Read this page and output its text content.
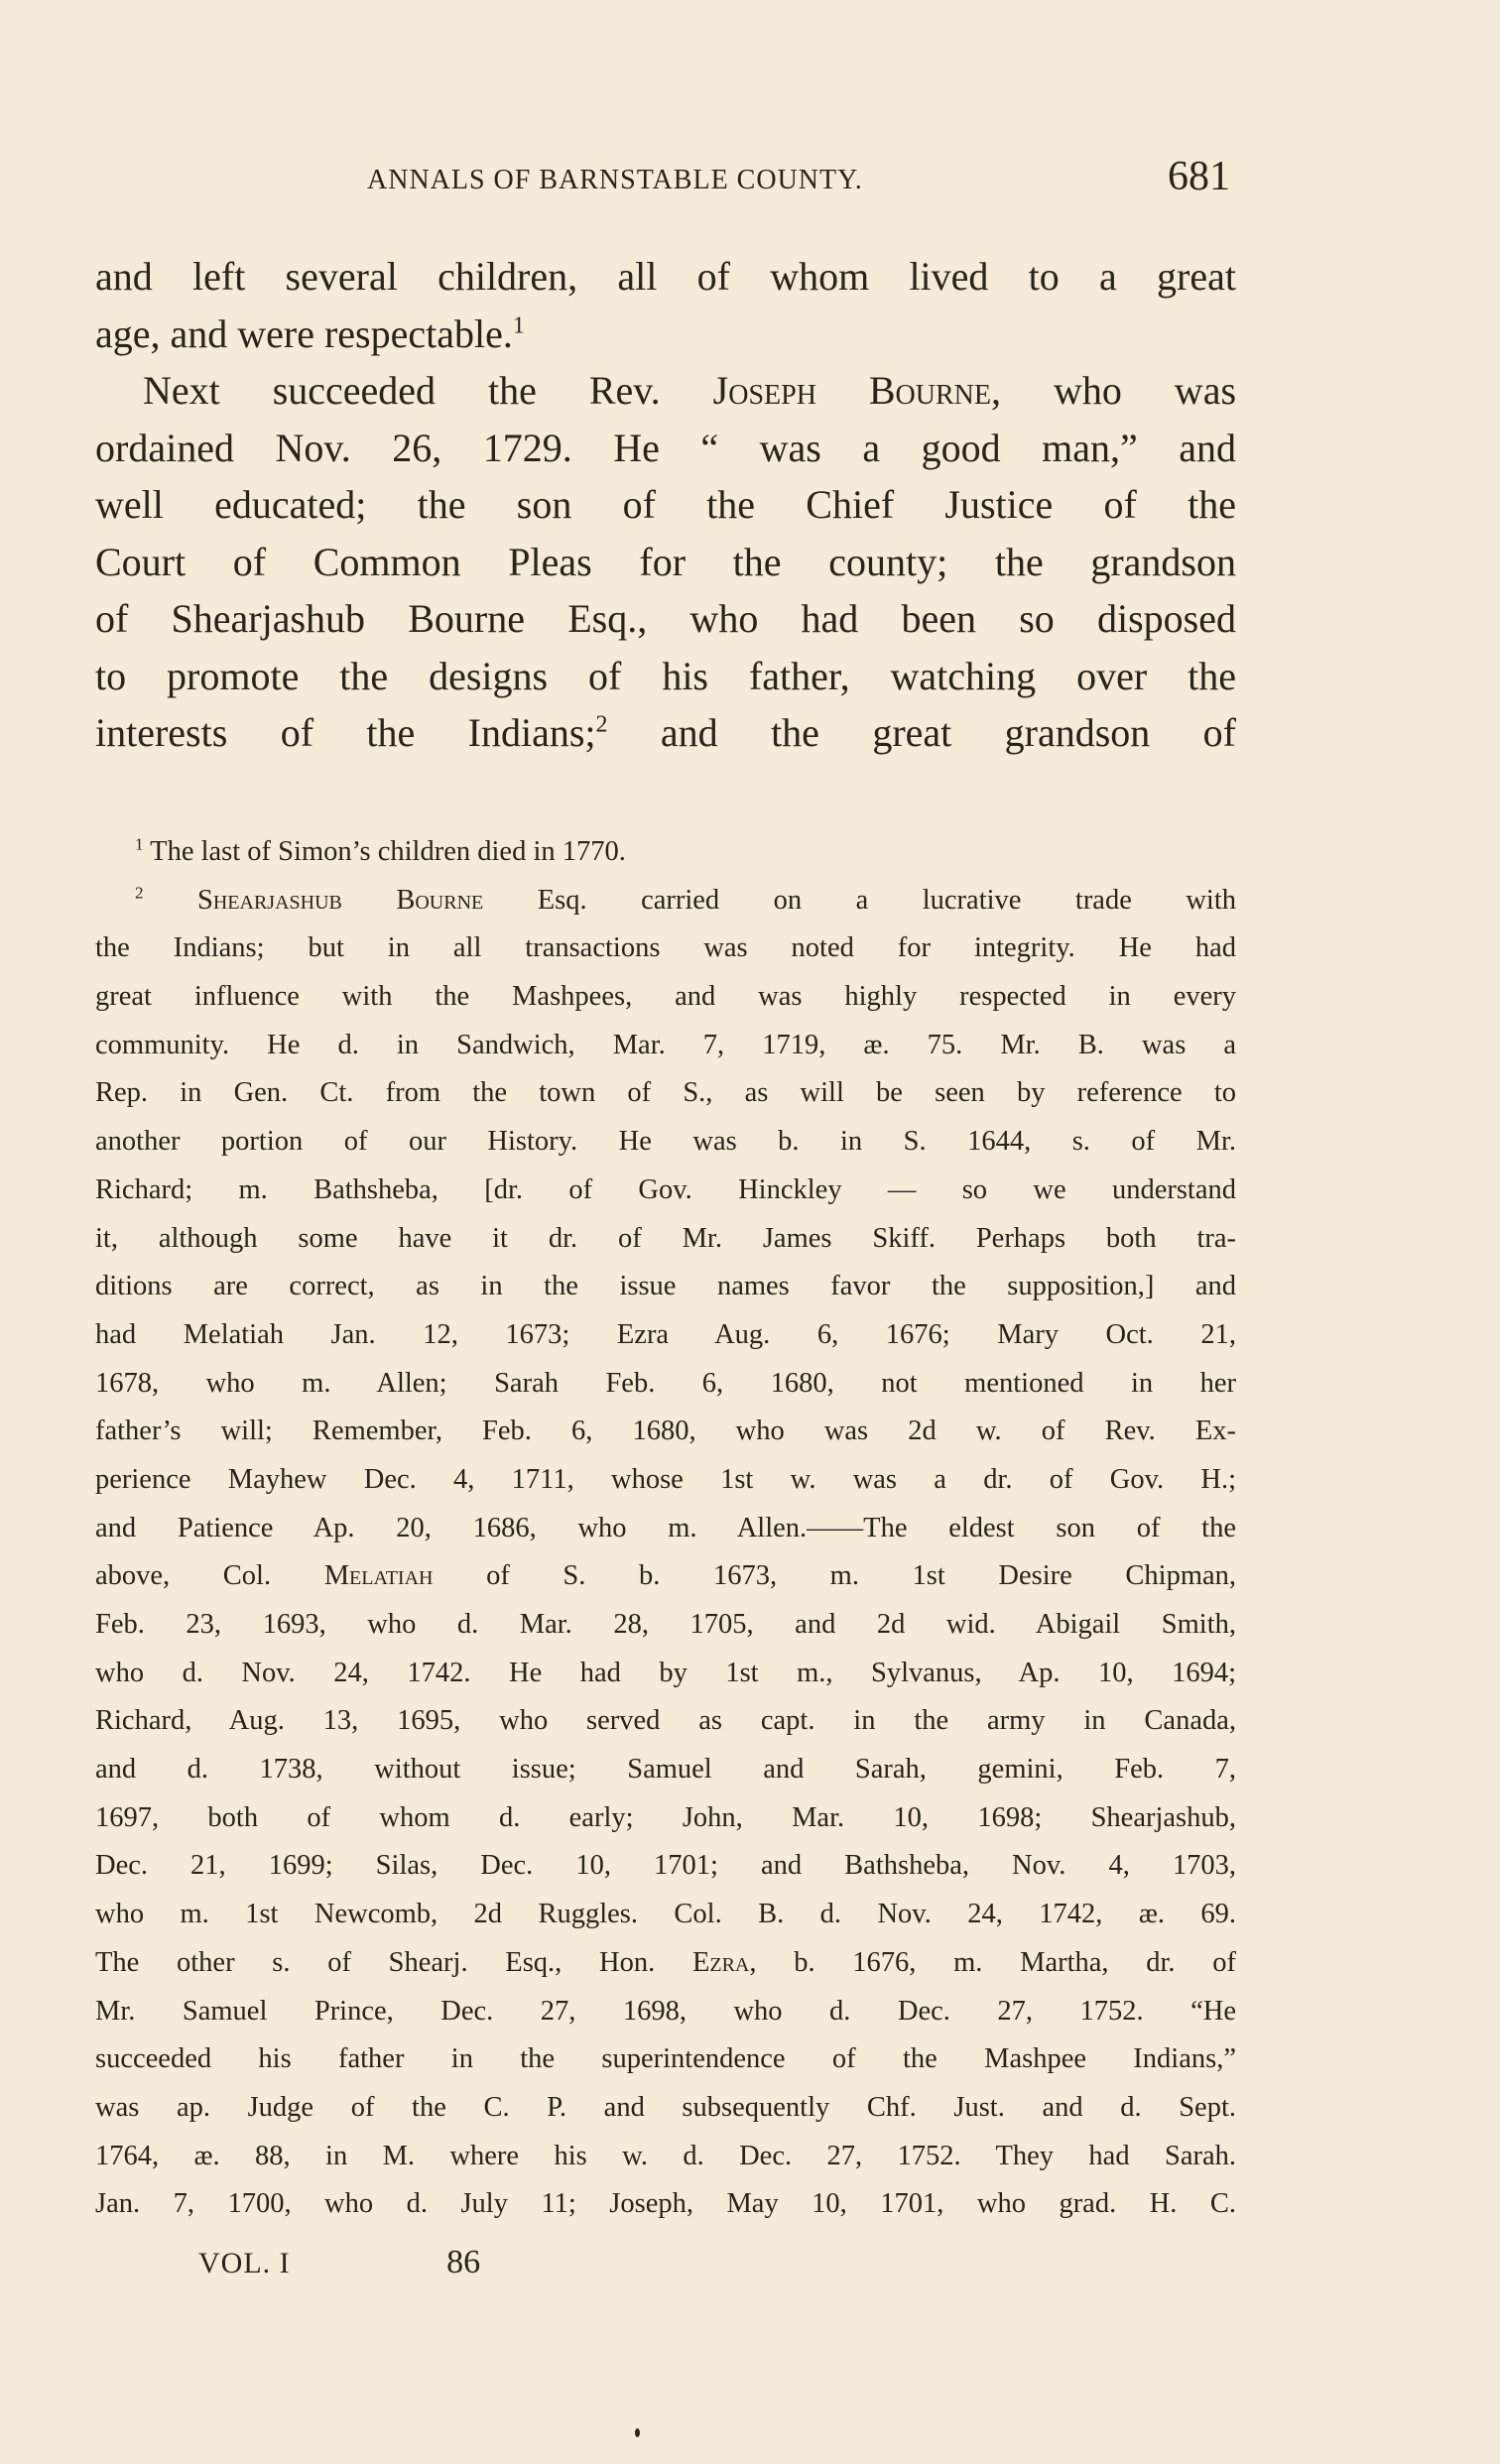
ANNALS OF BARNSTABLE COUNTY.	681
and left several children, all of whom lived to a great
age, and were respectable.$^1$
Next succeeded the Rev. Joseph Bourne, who was
ordained Nov. 26, 1729. He “ was a good man,” and
well educated; the son of the Chief Justice of the
Court of Common Pleas for the county; the grandson
of Shearjashub Bourne Esq., who had been so disposed
to promote the designs of his father, watching over the
interests of the Indians;$^2$ and the great grandson of
$^1$ The last of Simon’s children died in 1770.
$^2$ Shearjashub Bourne Esq. carried on a lucrative trade with
the Indians; but in all transactions was noted for integrity. He had
great influence with the Mashpees, and was highly respected in every
community. He d. in Sandwich, Mar. 7, 1719, æ. 75. Mr. B. was a
Rep. in Gen. Ct. from the town of S., as will be seen by reference to
another portion of our History. He was b. in S. 1644, s. of Mr.
Richard; m. Bathsheba, [dr. of Gov. Hinckley — so we understand
it, although some have it dr. of Mr. James Skiff. Perhaps both tra-
ditions are correct, as in the issue names favor the supposition,] and
had Melatiah Jan. 12, 1673; Ezra Aug. 6, 1676; Mary Oct. 21,
1678, who m. Allen; Sarah Feb. 6, 1680, not mentioned in her
father’s will; Remember, Feb. 6, 1680, who was 2d w. of Rev. Ex-
perience Mayhew Dec. 4, 1711, whose 1st w. was a dr. of Gov. H.;
and Patience Ap. 20, 1686, who m. Allen.——The eldest son of the
above, Col. Melatiah of S. b. 1673, m. 1st Desire Chipman,
Feb. 23, 1693, who d. Mar. 28, 1705, and 2d wid. Abigail Smith,
who d. Nov. 24, 1742. He had by 1st m., Sylvanus, Ap. 10, 1694;
Richard, Aug. 13, 1695, who served as capt. in the army in Canada,
and d. 1738, without issue; Samuel and Sarah, gemini, Feb. 7,
1697, both of whom d. early; John, Mar. 10, 1698; Shearjashub,
Dec. 21, 1699; Silas, Dec. 10, 1701; and Bathsheba, Nov. 4, 1703,
who m. 1st Newcomb, 2d Ruggles. Col. B. d. Nov. 24, 1742, æ. 69.
The other s. of Shearj. Esq., Hon. Ezra, b. 1676, m. Martha, dr. of
Mr. Samuel Prince, Dec. 27, 1698, who d. Dec. 27, 1752. “He
succeeded his father in the superintendence of the Mashpee Indians,”
was ap. Judge of the C. P. and subsequently Chf. Just. and d. Sept.
1764, æ. 88, in M. where his w. d. Dec. 27, 1752. They had Sarah.
Jan. 7, 1700, who d. July 11; Joseph, May 10, 1701, who grad. H. C.
VOL. I	86
